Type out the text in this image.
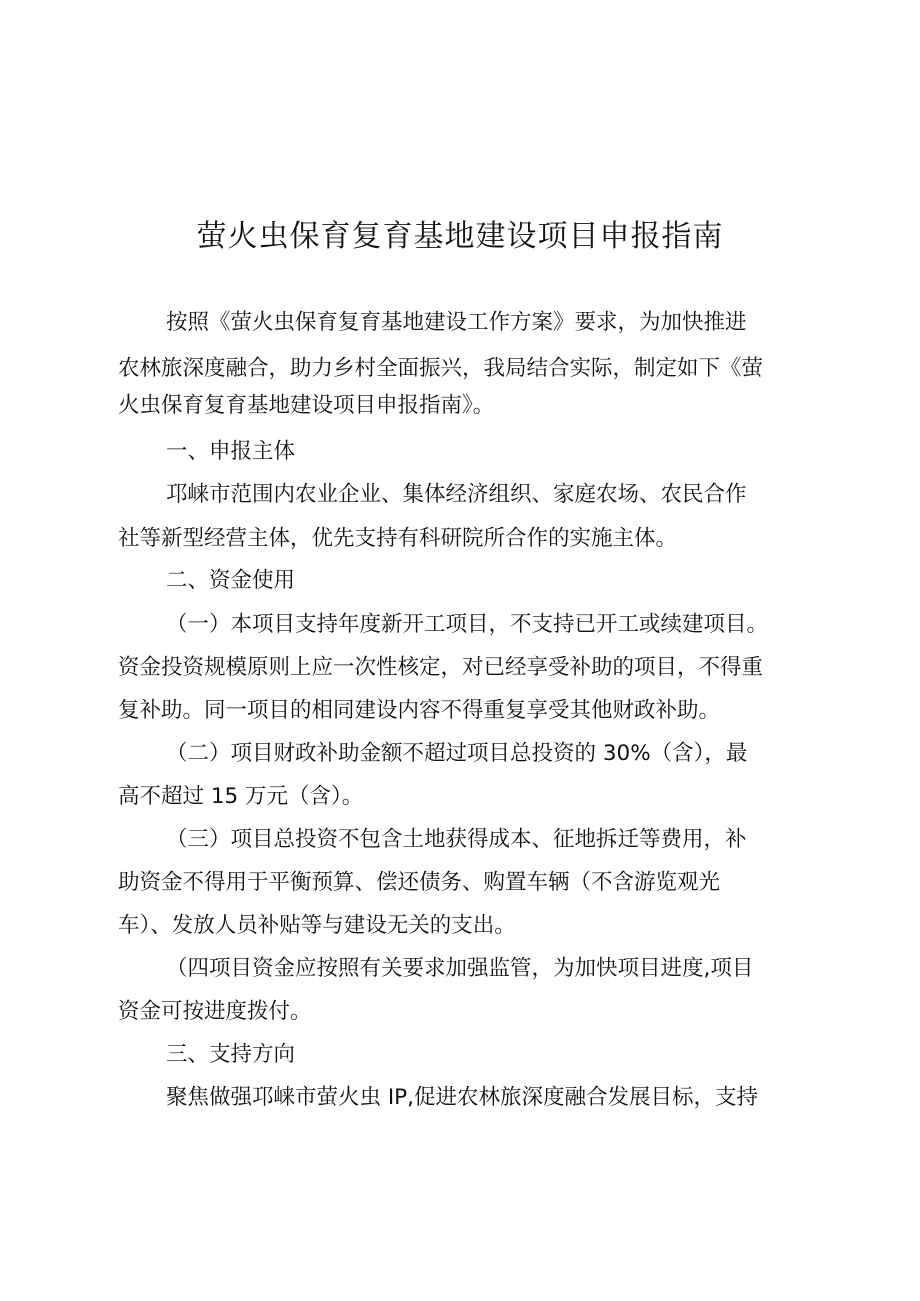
萤火虫保育复育基地建设项目申报指南

按照《萤火虫保育复育基地建设工作方案》要求，为加快推进

农林旅深度融合，助力乡村全面振兴，我局结合实际，制定如下《萤

火虫保育复育基地建设项目申报指南》。

一、申报主体

邛崃市范围内农业企业、集体经济组织、家庭农场、农民合作

社等新型经营主体，优先支持有科研院所合作的实施主体。

二、资金使用

（一）本项目支持年度新开工项目，不支持已开工或续建项目。

资金投资规模原则上应一次性核定，对已经享受补助的项目，不得重

复补助。同一项目的相同建设内容不得重复享受其他财政补助。

（二）项目财政补助金额不超过项目总投资的 30%（含），最

高不超过 15 万元（含）。

（三）项目总投资不包含土地获得成本、征地拆迁等费用，补

助资金不得用于平衡预算、偿还债务、购置车辆（不含游览观光

车）、发放人员补贴等与建设无关的支出。

（四项目资金应按照有关要求加强监管，为加快项目进度,项目

资金可按进度拨付。

三、支持方向

聚焦做强邛崃市萤火虫 IP,促进农林旅深度融合发展目标，支持
